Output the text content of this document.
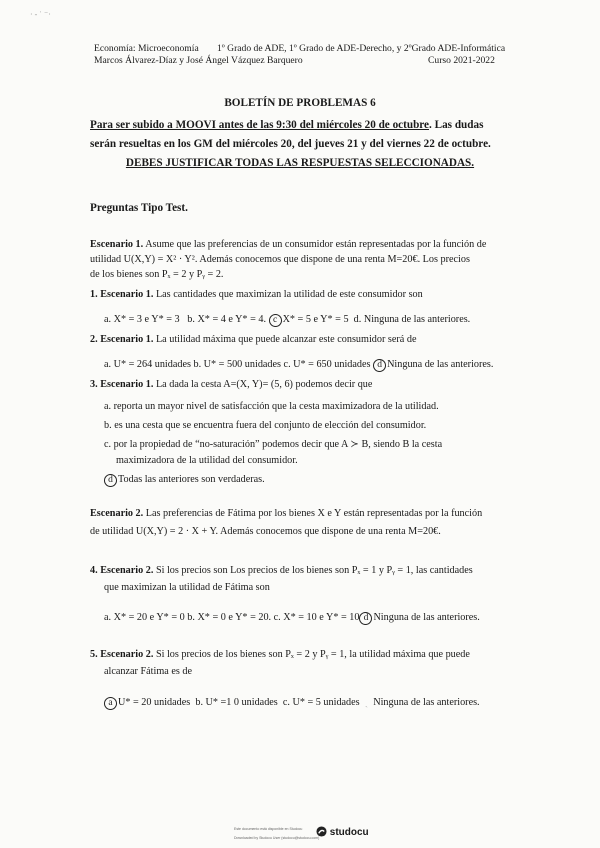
· - ˈ ⁻·
Economía: Microeconomía 1º Grado de ADE, 1º Grado de ADE-Derecho, y 2ºGrado ADE-Informática
Marcos Álvarez-Díaz y José Ángel Vázquez Barquero	Curso 2021-2022
BOLETÍN DE PROBLEMAS 6
Para ser subido a MOOVI antes de las 9:30 del miércoles 20 de octubre. Las dudas
serán resueltas en los GM del miércoles 20, del jueves 21 y del viernes 22 de octubre.
DEBES JUSTIFICAR TODAS LAS RESPUESTAS SELECCIONADAS.
Preguntas Tipo Test.
Escenario 1. Asume que las preferencias de un consumidor están representadas por la función de
utilidad U(X,Y) = X² · Y². Además conocemos que dispone de una renta M=20€. Los precios
de los bienes son Pₓ = 2 y Pᵧ = 2.
1. Escenario 1. Las cantidades que maximizan la utilidad de este consumidor son
a. X* = 3 e Y* = 3 b. X* = 4 e Y* = 4. c X* = 5 e Y* = 5 d. Ninguna de las anteriores.
2. Escenario 1. La utilidad máxima que puede alcanzar este consumidor será de
a. U* = 264 unidades b. U* = 500 unidades c. U* = 650 unidades d Ninguna de las anteriores.
3. Escenario 1. La dada la cesta A=(X, Y)= (5, 6) podemos decir que
a. reporta un mayor nivel de satisfacción que la cesta maximizadora de la utilidad.
b. es una cesta que se encuentra fuera del conjunto de elección del consumidor.
c. por la propiedad de “no-saturación” podemos decir que A ≻ B, siendo B la cesta
maximizadora de la utilidad del consumidor.
d Todas las anteriores son verdaderas.
Escenario 2. Las preferencias de Fátima por los bienes X e Y están representadas por la función
de utilidad U(X,Y) = 2 · X + Y. Además conocemos que dispone de una renta M=20€.
4. Escenario 2. Si los precios son Los precios de los bienes son Pₓ = 1 y Pᵧ = 1, las cantidades
que maximizan la utilidad de Fátima son
a. X* = 20 e Y* = 0 b. X* = 0 e Y* = 20. c. X* = 10 e Y* = 10 d Ninguna de las anteriores.
5. Escenario 2. Si los precios de los bienes son Pₓ = 2 y Pᵧ = 1, la utilidad máxima que puede
alcanzar Fátima es de
a U* = 20 unidades b. U* =1 0 unidades c. U* = 5 unidades  ˏ  Ninguna de las anteriores.
Este documento está disponible en Studocu
Downloaded by Studocu User (studocu@studocu.com)	studocu
